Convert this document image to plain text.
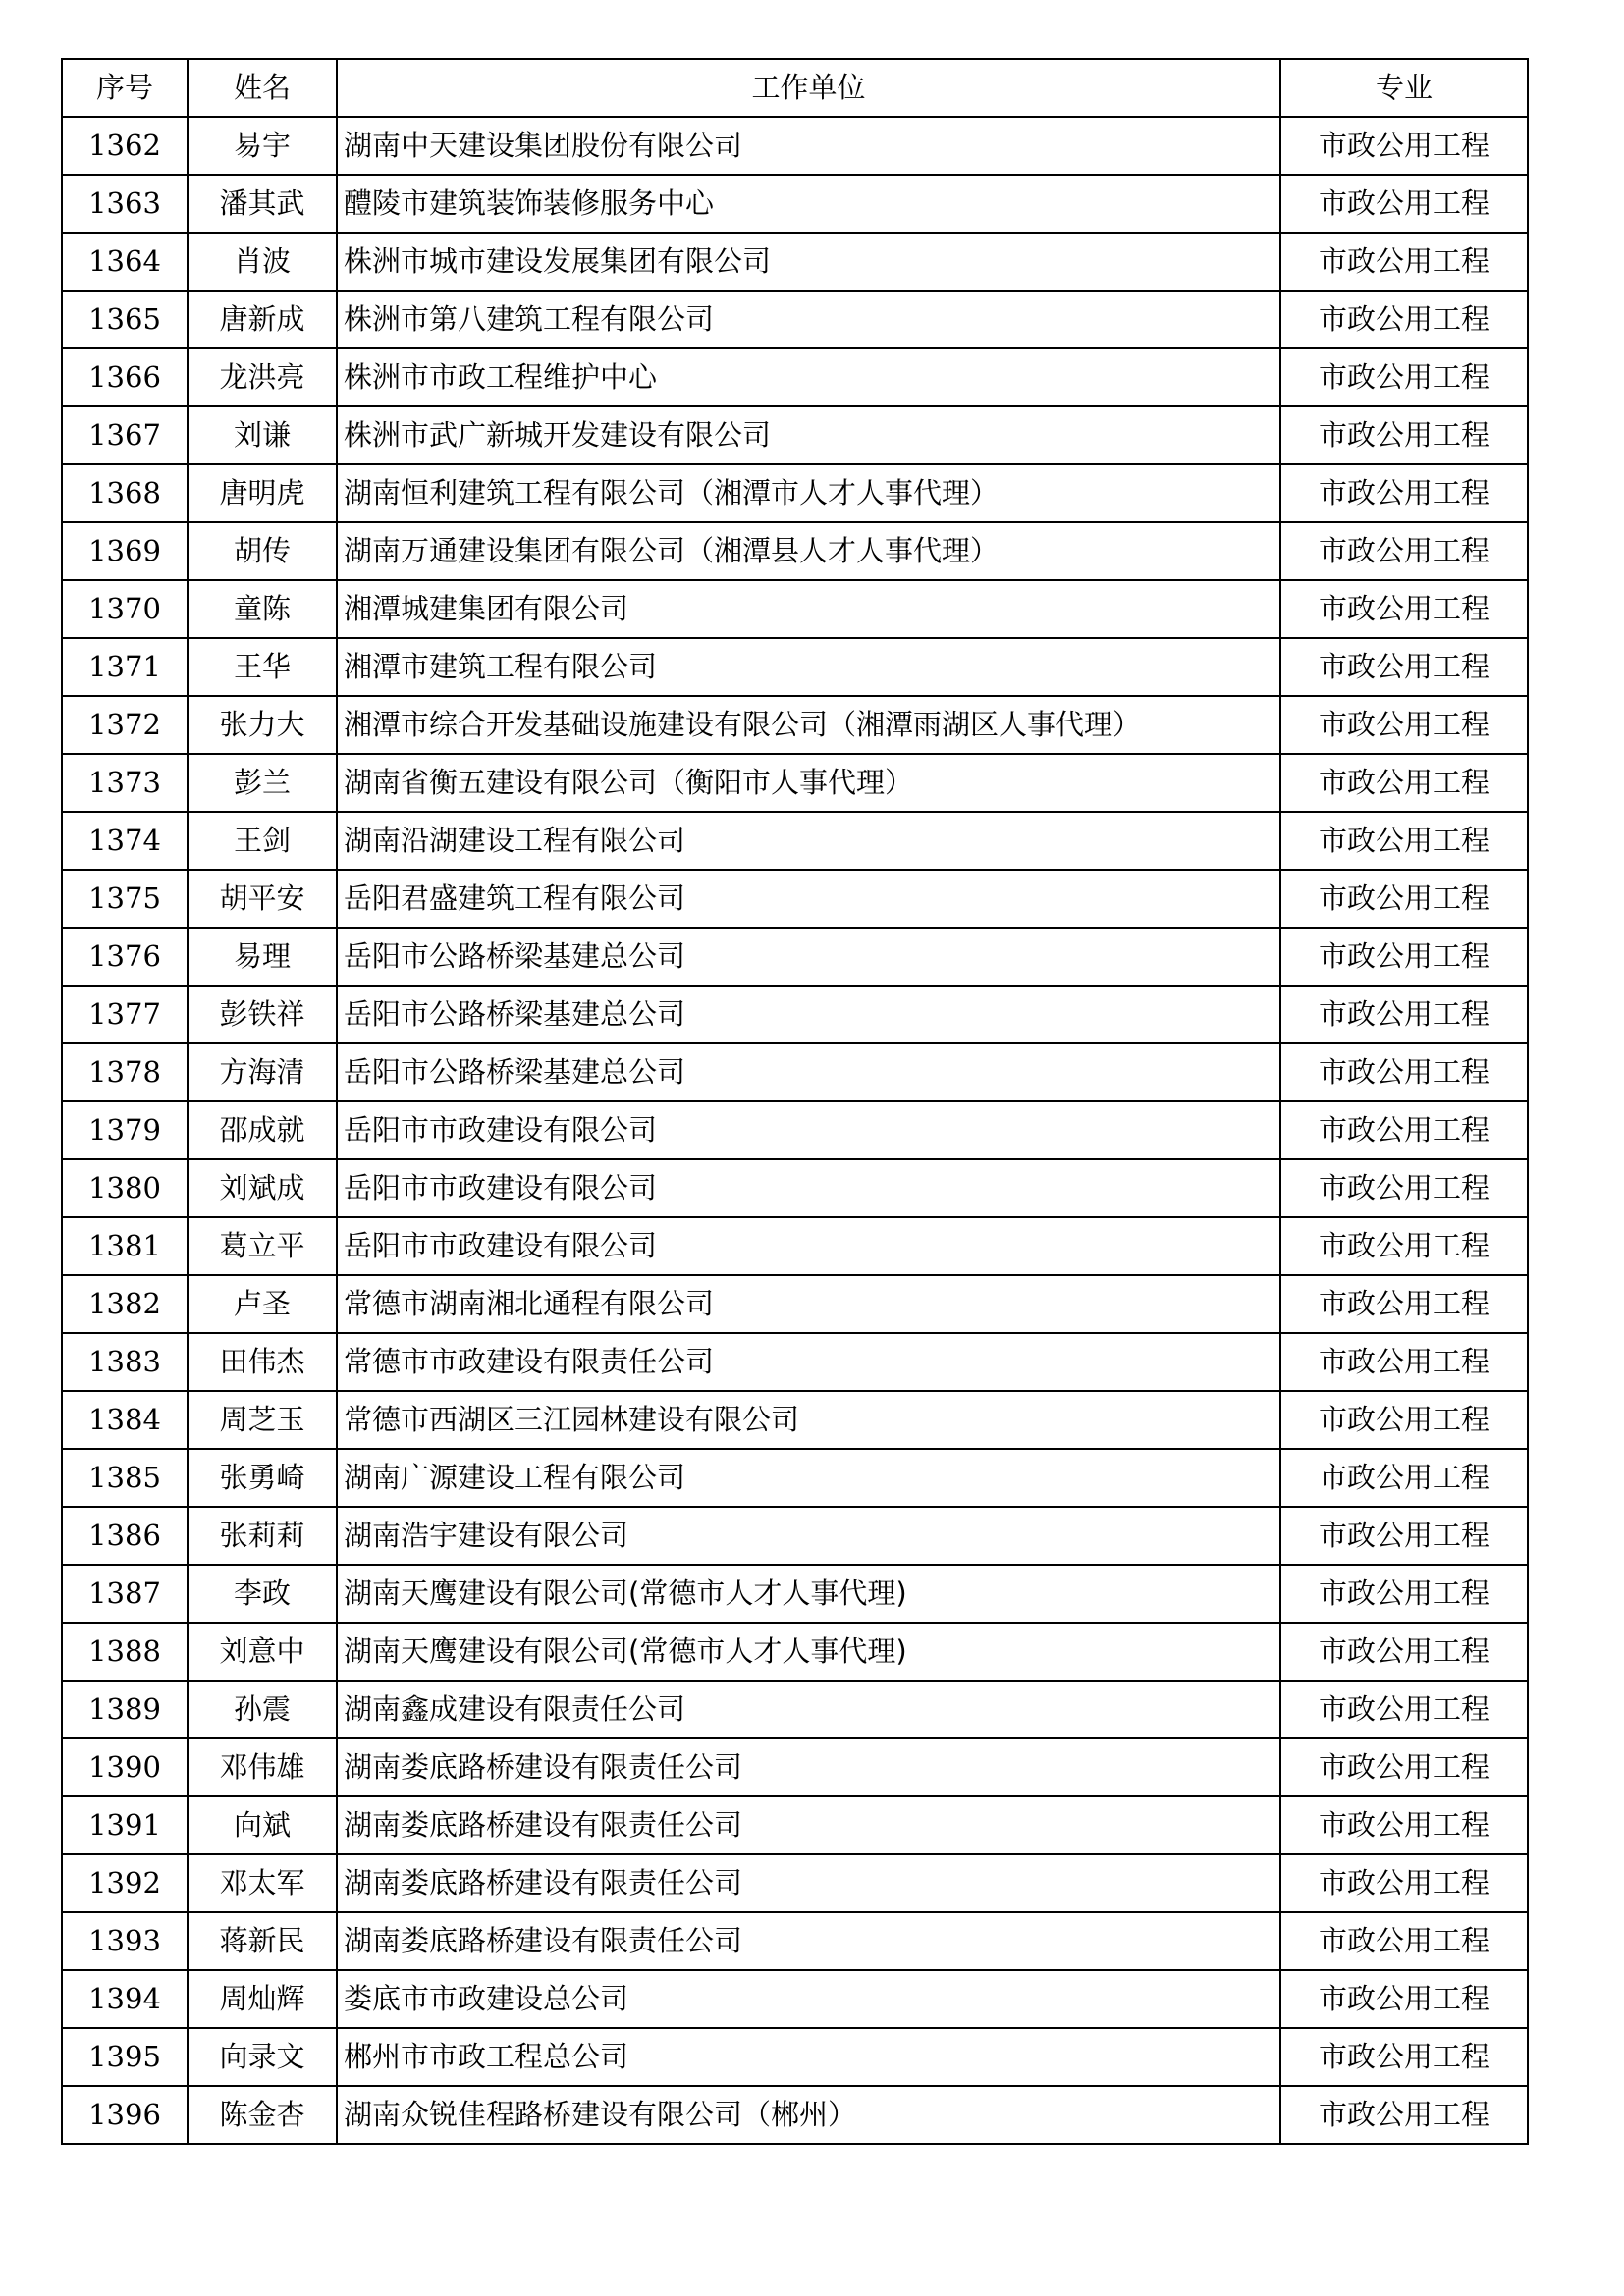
序号	姓名	工作单位	专业
1362	易宇	湖南中天建设集团股份有限公司	市政公用工程
1363	潘其武	醴陵市建筑装饰装修服务中心	市政公用工程
1364	肖波	株洲市城市建设发展集团有限公司	市政公用工程
1365	唐新成	株洲市第八建筑工程有限公司	市政公用工程
1366	龙洪亮	株洲市市政工程维护中心	市政公用工程
1367	刘谦	株洲市武广新城开发建设有限公司	市政公用工程
1368	唐明虎	湖南恒利建筑工程有限公司（湘潭市人才人事代理）	市政公用工程
1369	胡传	湖南万通建设集团有限公司（湘潭县人才人事代理）	市政公用工程
1370	童陈	湘潭城建集团有限公司	市政公用工程
1371	王华	湘潭市建筑工程有限公司	市政公用工程
1372	张力大	湘潭市综合开发基础设施建设有限公司（湘潭雨湖区人事代理）	市政公用工程
1373	彭兰	湖南省衡五建设有限公司（衡阳市人事代理）	市政公用工程
1374	王剑	湖南沿湖建设工程有限公司	市政公用工程
1375	胡平安	岳阳君盛建筑工程有限公司	市政公用工程
1376	易理	岳阳市公路桥梁基建总公司	市政公用工程
1377	彭铁祥	岳阳市公路桥梁基建总公司	市政公用工程
1378	方海清	岳阳市公路桥梁基建总公司	市政公用工程
1379	邵成就	岳阳市市政建设有限公司	市政公用工程
1380	刘斌成	岳阳市市政建设有限公司	市政公用工程
1381	葛立平	岳阳市市政建设有限公司	市政公用工程
1382	卢圣	常德市湖南湘北通程有限公司	市政公用工程
1383	田伟杰	常德市市政建设有限责任公司	市政公用工程
1384	周芝玉	常德市西湖区三江园林建设有限公司	市政公用工程
1385	张勇崎	湖南广源建设工程有限公司	市政公用工程
1386	张莉莉	湖南浩宇建设有限公司	市政公用工程
1387	李政	湖南天鹰建设有限公司(常德市人才人事代理)	市政公用工程
1388	刘意中	湖南天鹰建设有限公司(常德市人才人事代理)	市政公用工程
1389	孙震	湖南鑫成建设有限责任公司	市政公用工程
1390	邓伟雄	湖南娄底路桥建设有限责任公司	市政公用工程
1391	向斌	湖南娄底路桥建设有限责任公司	市政公用工程
1392	邓太军	湖南娄底路桥建设有限责任公司	市政公用工程
1393	蒋新民	湖南娄底路桥建设有限责任公司	市政公用工程
1394	周灿辉	娄底市市政建设总公司	市政公用工程
1395	向录文	郴州市市政工程总公司	市政公用工程
1396	陈金杏	湖南众锐佳程路桥建设有限公司（郴州）	市政公用工程
